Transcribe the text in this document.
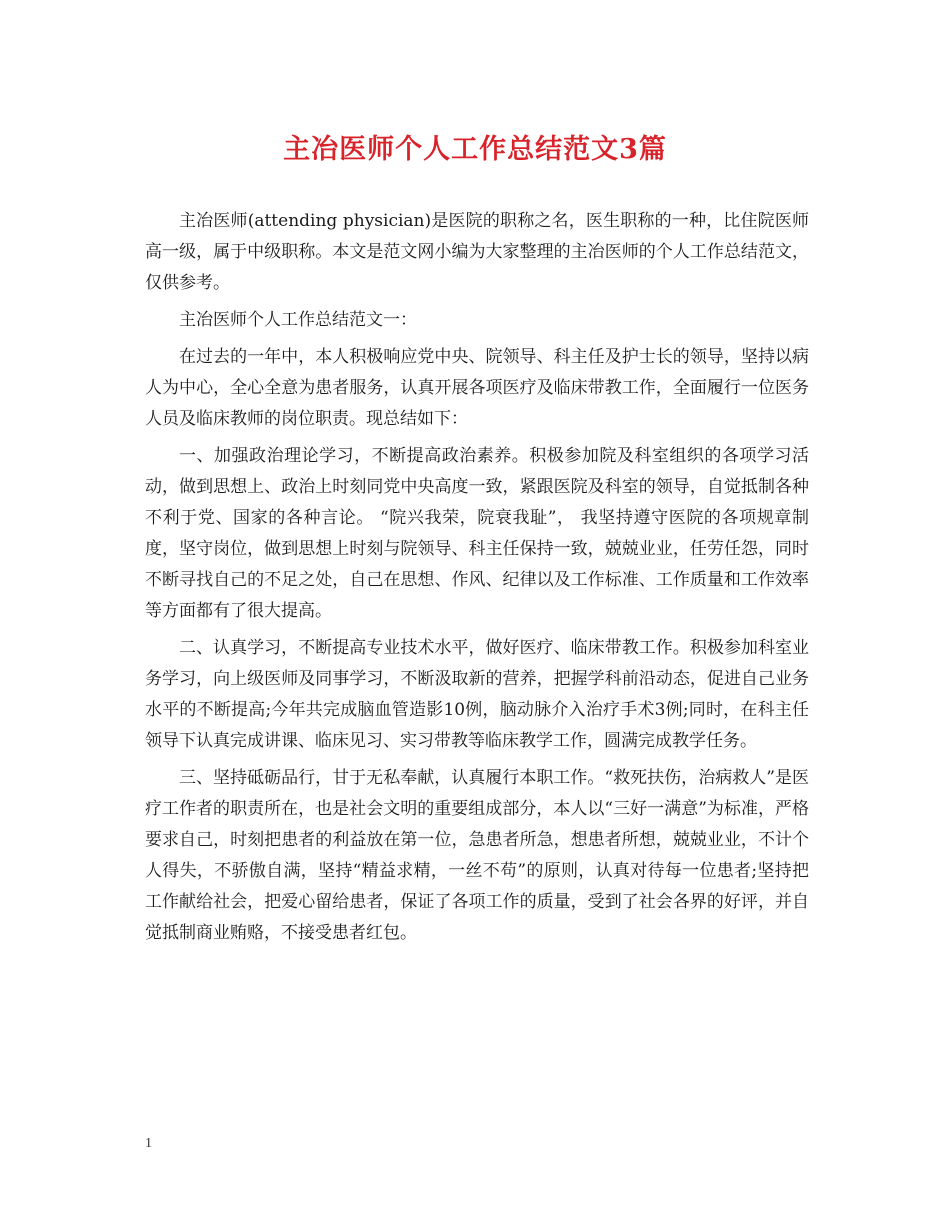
主冶医师个人工作总结范文3篇

主冶医师(attending physician)是医院的职称之名，医生职称的一种，比住院医师高一级，属于中级职称。本文是范文网小编为大家整理的主冶医师的个人工作总结范文，仅供参考。

主冶医师个人工作总结范文一：

在过去的一年中，本人积极响应党中央、院领导、科主任及护士长的领导，坚持以病人为中心，全心全意为患者服务，认真开展各项医疗及临床带教工作，全面履行一位医务人员及临床教师的岗位职责。现总结如下：

一、加强政治理论学习，不断提高政治素养。积极参加院及科室组织的各项学习活动，做到思想上、政治上时刻同党中央高度一致，紧跟医院及科室的领导，自觉抵制各种不利于党、国家的各种言论。 “院兴我荣，院衰我耻”， 我坚持遵守医院的各项规章制度，坚守岗位，做到思想上时刻与院领导、科主任保持一致，兢兢业业，任劳任怨，同时不断寻找自己的不足之处，自己在思想、作风、纪律以及工作标准、工作质量和工作效率等方面都有了很大提高。

二、认真学习，不断提高专业技术水平，做好医疗、临床带教工作。积极参加科室业务学习，向上级医师及同事学习，不断汲取新的营养，把握学科前沿动态，促进自己业务水平的不断提高;今年共完成脑血管造影10例，脑动脉介入治疗手术3例;同时，在科主任领导下认真完成讲课、临床见习、实习带教等临床教学工作，圆满完成教学任务。

三、坚持砥砺品行，甘于无私奉献，认真履行本职工作。“救死扶伤，治病救人”是医疗工作者的职责所在，也是社会文明的重要组成部分，本人以“三好一满意”为标准，严格要求自己，时刻把患者的利益放在第一位，急患者所急，想患者所想，兢兢业业，不计个人得失，不骄傲自满，坚持“精益求精，一丝不苟”的原则，认真对待每一位患者;坚持把工作献给社会，把爱心留给患者，保证了各项工作的质量，受到了社会各界的好评，并自觉抵制商业贿赂，不接受患者红包。

1
